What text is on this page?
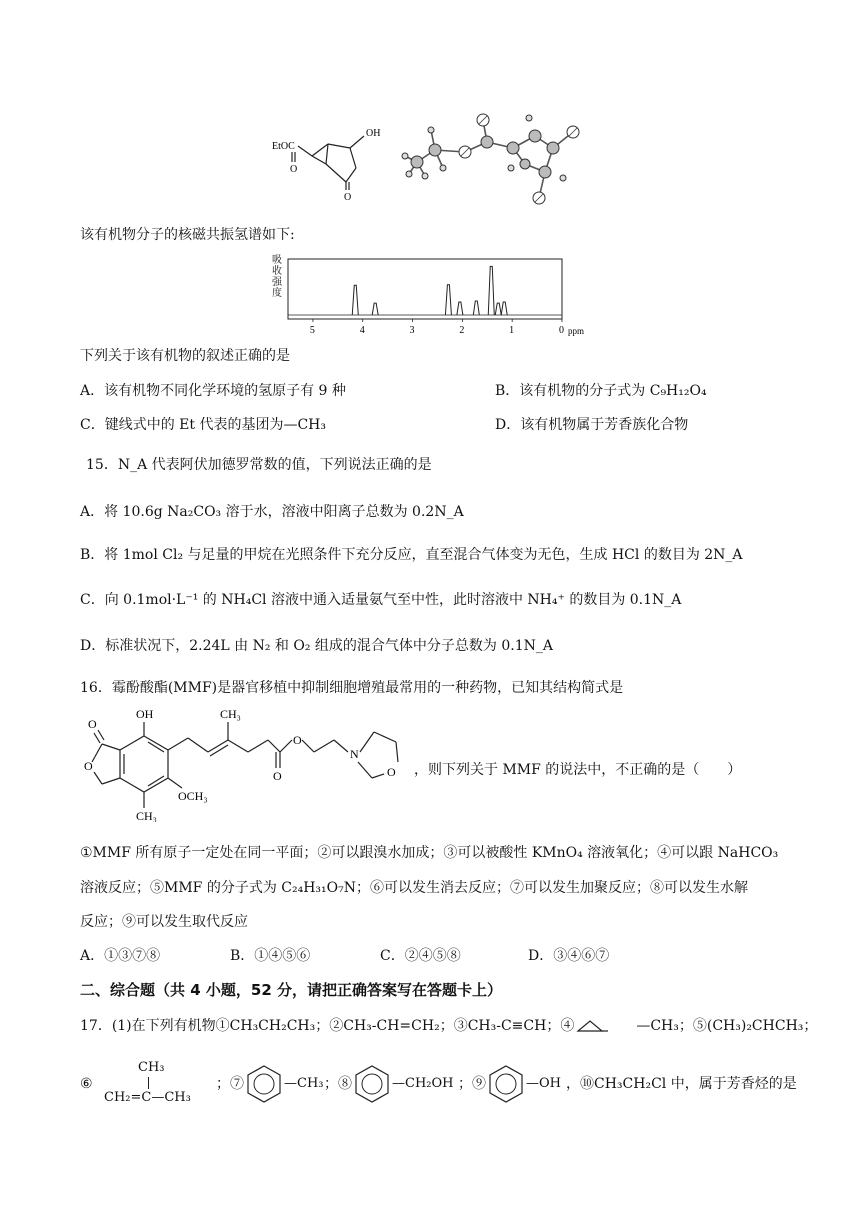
EtOC
O
OH
O
该有机物分子的核磁共振氢谱如下:
吸
收
强
度
5	4	3	2	1	0 ppm
下列关于该有机物的叙述正确的是
A．该有机物不同化学环境的氢原子有 9 种	B．该有机物的分子式为 C₉H₁₂O₄
C．键线式中的 Et 代表的基团为—CH₃	D．该有机物属于芳香族化合物
15．N_A 代表阿伏加德罗常数的值，下列说法正确的是
A．将 10.6g Na₂CO₃ 溶于水，溶液中阳离子总数为 0.2N_A
B．将 1mol Cl₂ 与足量的甲烷在光照条件下充分反应，直至混合气体变为无色，生成 HCl 的数目为 2N_A
C．向 0.1mol·L⁻¹ 的 NH₄Cl 溶液中通入适量氨气至中性，此时溶液中 NH₄⁺ 的数目为 0.1N_A
D．标准状况下，2.24L 由 N₂ 和 O₂ 组成的混合气体中分子总数为 0.1N_A
16．霉酚酸酯(MMF)是器官移植中抑制细胞增殖最常用的一种药物，已知其结构简式是
OH	CH₃
O
O
O
O
N
O
OCH₃
CH₃
，则下列关于 MMF 的说法中，不正确的是（　　）
①MMF 所有原子一定处在同一平面；②可以跟溴水加成；③可以被酸性 KMnO₄ 溶液氧化；④可以跟 NaHCO₃
溶液反应；⑤MMF 的分子式为 C₂₄H₃₁O₇N；⑥可以发生消去反应；⑦可以发生加聚反应；⑧可以发生水解
反应；⑨可以发生取代反应
A．①③⑦⑧	B．①④⑤⑥	C．②④⑤⑧	D．③④⑥⑦
二、综合题（共 4 小题，52 分，请把正确答案写在答题卡上）
17．(1)在下列有机物①CH₃CH₂CH₃；②CH₃-CH=CH₂；③CH₃-C≡CH；④	—CH₃；⑤(CH₃)₂CHCH₃；
⑥
CH₃
CH₂=C—CH₃
；⑦	—CH₃ ；⑧	—CH₂OH ；⑨	—OH ，⑩CH₃CH₂Cl 中，属于芳香烃的是
